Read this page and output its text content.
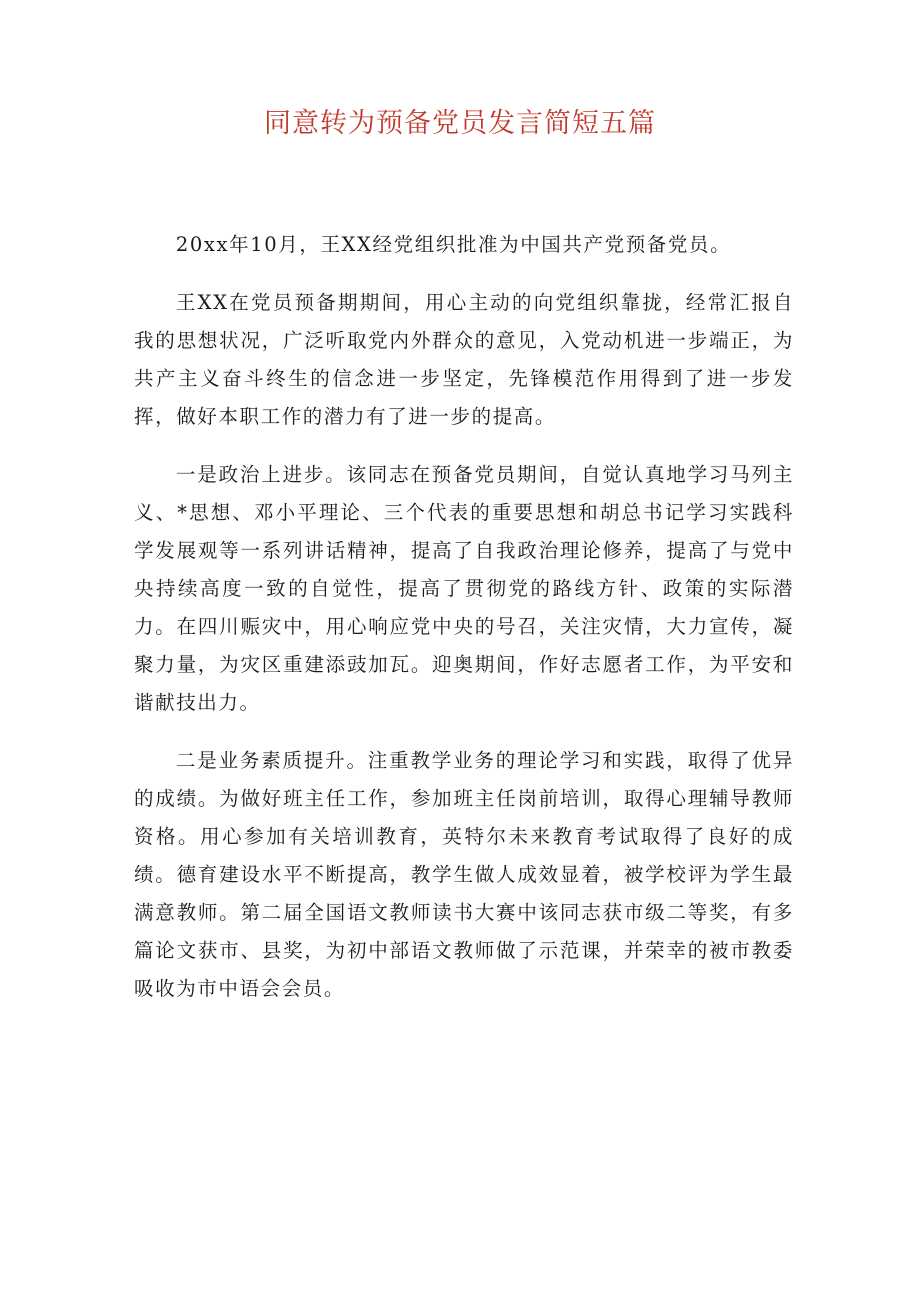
同意转为预备党员发言简短五篇

20xx年10月，王XX经党组织批准为中国共产党预备党员。

王XX在党员预备期期间，用心主动的向党组织靠拢，经常汇报自我的思想状况，广泛听取党内外群众的意见，入党动机进一步端正，为共产主义奋斗终生的信念进一步坚定，先锋模范作用得到了进一步发挥，做好本职工作的潜力有了进一步的提高。

一是政治上进步。该同志在预备党员期间，自觉认真地学习马列主义、*思想、邓小平理论、三个代表的重要思想和胡总书记学习实践科学发展观等一系列讲话精神，提高了自我政治理论修养，提高了与党中央持续高度一致的自觉性，提高了贯彻党的路线方针、政策的实际潜力。在四川赈灾中，用心响应党中央的号召，关注灾情，大力宣传，凝聚力量，为灾区重建添豉加瓦。迎奥期间，作好志愿者工作，为平安和谐献技出力。

二是业务素质提升。注重教学业务的理论学习和实践，取得了优异的成绩。为做好班主任工作，参加班主任岗前培训，取得心理辅导教师资格。用心参加有关培训教育，英特尔未来教育考试取得了良好的成绩。德育建设水平不断提高，教学生做人成效显着，被学校评为学生最满意教师。第二届全国语文教师读书大赛中该同志获市级二等奖，有多篇论文获市、县奖，为初中部语文教师做了示范课，并荣幸的被市教委吸收为市中语会会员。
